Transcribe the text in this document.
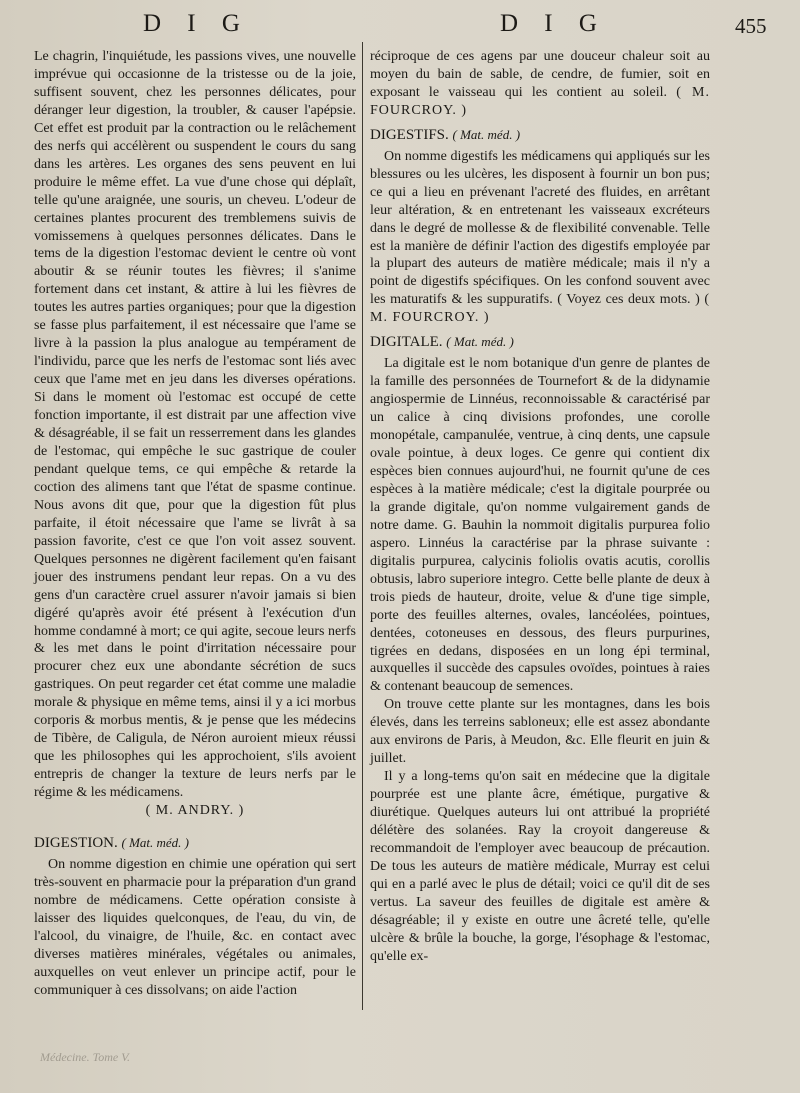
D I G	D I G	455
Le chagrin, l'inquiétude, les passions vives, une nouvelle imprévue qui occasionne de la tristesse ou de la joie, suffisent souvent, chez les personnes délicates, pour déranger leur digestion, la troubler, & causer l'apépsie. Cet effet est produit par la contraction ou le relâchement des nerfs qui accélèrent ou suspendent le cours du sang dans les artères. Les organes des sens peuvent en lui produire le même effet. La vue d'une chose qui déplaît, telle qu'une araignée, une souris, un cheveu. L'odeur de certaines plantes procurent des tremblemens suivis de vomissemens à quelques personnes délicates. Dans le tems de la digestion l'estomac devient le centre où vont aboutir & se réunir toutes les fièvres; il s'anime fortement dans cet instant, & attire à lui les fièvres de toutes les autres parties organiques; pour que la digestion se fasse plus parfaitement, il est nécessaire que l'ame se livre à la passion la plus analogue au tempérament de l'individu, parce que les nerfs de l'estomac sont liés avec ceux que l'ame met en jeu dans les diverses opérations. Si dans le moment où l'estomac est occupé de cette fonction importante, il est distrait par une affection vive & désagréable, il se fait un resserrement dans les glandes de l'estomac, qui empêche le suc gastrique de couler pendant quelque tems, ce qui empêche & retarde la coction des alimens tant que l'état de spasme continue. Nous avons dit que, pour que la digestion fût plus parfaite, il étoit nécessaire que l'ame se livrât à sa passion favorite, c'est ce que l'on voit assez souvent. Quelques personnes ne digèrent facilement qu'en faisant jouer des instrumens pendant leur repas. On a vu des gens d'un caractère cruel assurer n'avoir jamais si bien digéré qu'après avoir été présent à l'exécution d'un homme condamné à mort; ce qui agite, secoue leurs nerfs & les met dans le point d'irritation nécessaire pour procurer chez eux une abondante sécrétion de sucs gastriques. On peut regarder cet état comme une maladie morale & physique en même tems, ainsi il y a ici morbus corporis & morbus mentis, & je pense que les médecins de Tibère, de Caligula, de Néron auroient mieux réussi que les philosophes qui les approchoient, s'ils avoient entrepris de changer la texture de leurs nerfs par le régime & les médicamens.
( M. ANDRY. )
DIGESTION. ( Mat. méd. )
On nomme digestion en chimie une opération qui sert très-souvent en pharmacie pour la préparation d'un grand nombre de médicamens. Cette opération consiste à laisser des liquides quelconques, de l'eau, du vin, de l'alcool, du vinaigre, de l'huile, &c. en contact avec diverses matières minérales, végétales ou animales, auxquelles on veut enlever un principe actif, pour le communiquer à ces dissolvans; on aide l'action
réciproque de ces agens par une douceur chaleur soit au moyen du bain de sable, de cendre, de fumier, soit en exposant le vaisseau qui les contient au soleil. ( M. FOURCROY. )
DIGESTIFS. ( Mat. méd. )
On nomme digestifs les médicamens qui appliqués sur les blessures ou les ulcères, les disposent à fournir un bon pus; ce qui a lieu en prévenant l'acreté des fluides, en arrêtant leur altération, & en entretenant les vaisseaux excréteurs dans le degré de mollesse & de flexibilité convenable. Telle est la manière de définir l'action des digestifs employée par la plupart des auteurs de matière médicale; mais il n'y a point de digestifs spécifiques. On les confond souvent avec les maturatifs & les suppuratifs. ( Voyez ces deux mots. ) ( M. FOURCROY. )
DIGITALE. ( Mat. méd. )
La digitale est le nom botanique d'un genre de plantes de la famille des personnées de Tournefort & de la didynamie angiospermie de Linnéus, reconnoissable & caractérisé par un calice à cinq divisions profondes, une corolle monopétale, campanulée, ventrue, à cinq dents, une capsule ovale pointue, à deux loges. Ce genre qui contient dix espèces bien connues aujourd'hui, ne fournit qu'une de ces espèces à la matière médicale; c'est la digitale pourprée ou la grande digitale, qu'on nomme vulgairement gands de notre dame. G. Bauhin la nommoit digitalis purpurea folio aspero. Linnéus la caractérise par la phrase suivante : digitalis purpurea, calycinis foliolis ovatis acutis, corollis obtusis, labro superiore integro. Cette belle plante de deux à trois pieds de hauteur, droite, velue & d'une tige simple, porte des feuilles alternes, ovales, lancéolées, pointues, dentées, cotoneuses en dessous, des fleurs purpurines, tigrées en dedans, disposées en un long épi terminal, auxquelles il succède des capsules ovoïdes, pointues à raies & contenant beaucoup de semences.
On trouve cette plante sur les montagnes, dans les bois élevés, dans les terreins sabloneux; elle est assez abondante aux environs de Paris, à Meudon, &c. Elle fleurit en juin & juillet.
Il y a long-tems qu'on sait en médecine que la digitale pourprée est une plante âcre, émétique, purgative & diurétique. Quelques auteurs lui ont attribué la propriété délétère des solanées. Ray la croyoit dangereuse & recommandoit de l'employer avec beaucoup de précaution. De tous les auteurs de matière médicale, Murray est celui qui en a parlé avec le plus de détail; voici ce qu'il dit de ses vertus. La saveur des feuilles de digitale est amère & désagréable; il y existe en outre une âcreté telle, qu'elle ulcère & brûle la bouche, la gorge, l'ésophage & l'estomac, qu'elle ex-
Médecine. Tome V.
